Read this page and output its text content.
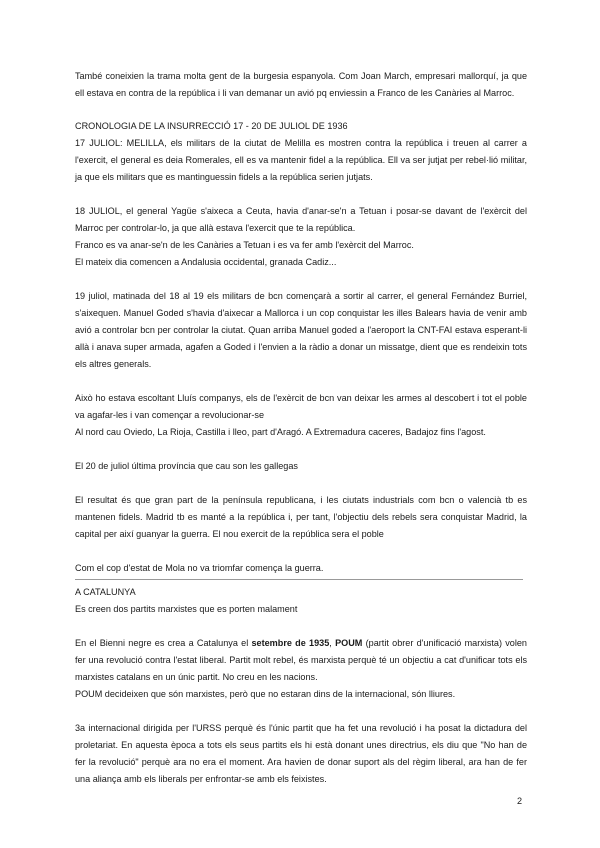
També coneixien la trama molta gent de la burgesia espanyola. Com Joan March, empresari mallorquí, ja que ell estava en contra de la república i li van demanar un avió pq enviessin a Franco de les Canàries al Marroc.

CRONOLOGIA DE LA INSURRECCIÓ 17 - 20 DE JULIOL DE 1936

17 JULIOL: MELILLA, els militars de la ciutat de Melilla es mostren contra la república i treuen al carrer a l'exercit, el general es deia Romerales, ell es va mantenir fidel a la república. Ell va ser jutjat per rebel·lió militar, ja que els militars que es mantinguessin fidels a la república serien jutjats.

18 JULIOL, el general Yagüe s'aixeca a Ceuta, havia d'anar-se'n a Tetuan i posar-se davant de l'exèrcit del Marroc per controlar-lo, ja que allà estava l'exercit que te la república.

Franco es va anar-se'n de les Canàries a Tetuan i es va fer amb l'exèrcit del Marroc.

El mateix dia comencen a Andalusia occidental, granada Cadiz...

19 juliol, matinada del 18 al 19 els militars de bcn començarà a sortir al carrer, el general Fernández Burriel, s'aixequen. Manuel Goded s'havia d'aixecar a Mallorca i un cop conquistar les illes Balears havia de venir amb avió a controlar bcn per controlar la ciutat. Quan arriba Manuel goded a l'aeroport la CNT-FAI estava esperant-li allà i anava super armada, agafen a Goded i l'envien a la ràdio a donar un missatge, dient que es rendeixin tots els altres generals.

Això ho estava escoltant Lluís companys, els de l'exèrcit de bcn van deixar les armes al descobert i tot el poble va agafar-les i van començar a revolucionar-se

Al nord cau Oviedo, La Rioja, Castilla i lleo, part d'Aragó. A Extremadura caceres, Badajoz fins l'agost.

El 20 de juliol última província que cau son les gallegas

El resultat és que gran part de la península republicana, i les ciutats industrials com bcn o valencià tb es mantenen fidels. Madrid tb es manté a la república i, per tant, l'objectiu dels rebels sera conquistar Madrid, la capital per així guanyar la guerra. El nou exercit de la república sera el poble

Com el cop d'estat de Mola no va triomfar comença la guerra.

A CATALUNYA

Es creen dos partits marxistes que es porten malament

En el Bienni negre es crea a Catalunya el setembre de 1935, POUM (partit obrer d'unificació marxista) volen fer una revolució contra l'estat liberal. Partit molt rebel, és marxista perquè té un objectiu a cat d'unificar tots els marxistes catalans en un únic partit. No creu en les nacions.

POUM decideixen que són marxistes, però que no estaran dins de la internacional, són lliures.

3a internacional dirigida per l'URSS perquè és l'únic partit que ha fet una revolució i ha posat la dictadura del proletariat. En aquesta època a tots els seus partits els hi està donant unes directrius, els diu que "No han de fer la revolució" perquè ara no era el moment. Ara havien de donar suport als del règim liberal, ara han de fer una aliança amb els liberals per enfrontar-se amb els feixistes.

2
